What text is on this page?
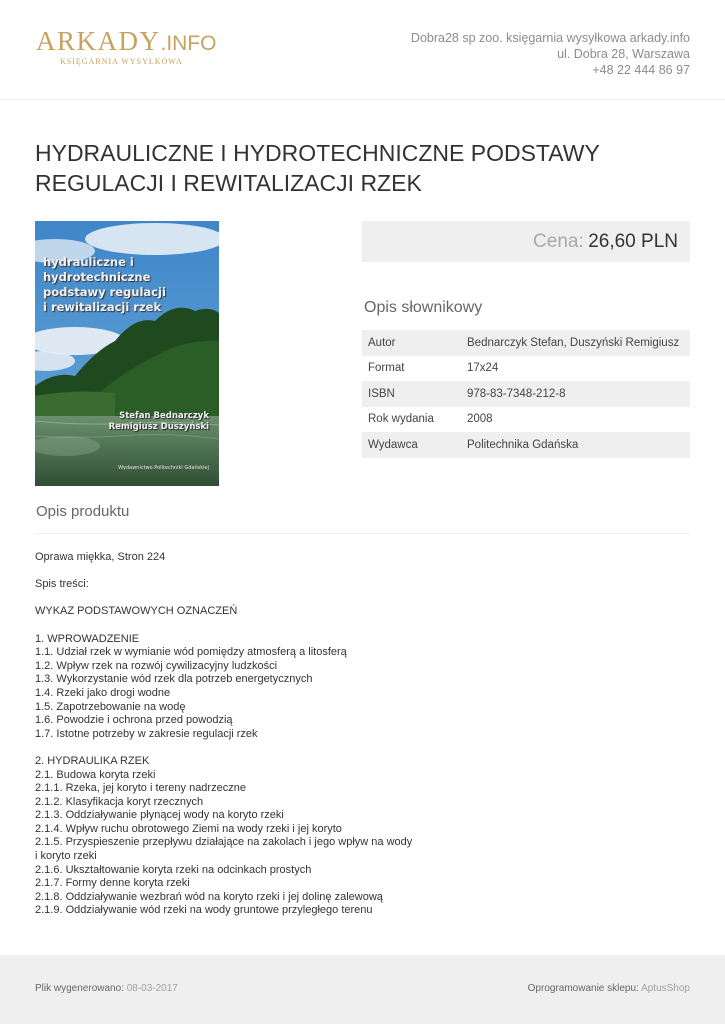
ARKADY.INFO
KSIĘGARNIA WYSYŁKOWA
Dobra28 sp zoo. księgarnia wysyłkowa arkady.info
ul. Dobra 28, Warszawa
+48 22 444 86 97
HYDRAULICZNE I HYDROTECHNICZNE PODSTAWY REGULACJI I REWITALIZACJI RZEK
hydrauliczne i hydrotechniczne
podstawy regulacji
i rewitalizacji rzek
Stefan Bednarczyk
Remigiusz Duszyński
Wydawnictwo Politechniki Gdańskiej
Cena: 26,60 PLN
Opis słownikowy
Autor	Bednarczyk Stefan, Duszyński Remigiusz
Format	17x24
ISBN	978-83-7348-212-8
Rok wydania	2008
Wydawca	Politechnika Gdańska
Opis produktu
Oprawa miękka, Stron 224
Spis treści:
WYKAZ PODSTAWOWYCH OZNACZEŃ
1. WPROWADZENIE
1.1. Udział rzek w wymianie wód pomiędzy atmosferą a litosferą
1.2. Wpływ rzek na rozwój cywilizacyjny ludzkości
1.3. Wykorzystanie wód rzek dla potrzeb energetycznych
1.4. Rzeki jako drogi wodne
1.5. Zapotrzebowanie na wodę
1.6. Powodzie i ochrona przed powodzią
1.7. Istotne potrzeby w zakresie regulacji rzek
2. HYDRAULIKA RZEK
2.1. Budowa koryta rzeki
2.1.1. Rzeka, jej koryto i tereny nadrzeczne
2.1.2. Klasyfikacja koryt rzecznych
2.1.3. Oddziaływanie płynącej wody na koryto rzeki
2.1.4. Wpływ ruchu obrotowego Ziemi na wody rzeki i jej koryto
2.1.5. Przyspieszenie przepływu działające na zakolach i jego wpływ na wody i koryto rzeki
2.1.6. Ukształtowanie koryta rzeki na odcinkach prostych
2.1.7. Formy denne koryta rzeki
2.1.8. Oddziaływanie wezbrań wód na koryto rzeki i jej dolinę zalewową
2.1.9. Oddziaływanie wód rzeki na wody gruntowe przyległego terenu
Plik wygenerowano: 08-03-2017	Oprogramowanie sklepu: AptusShop
